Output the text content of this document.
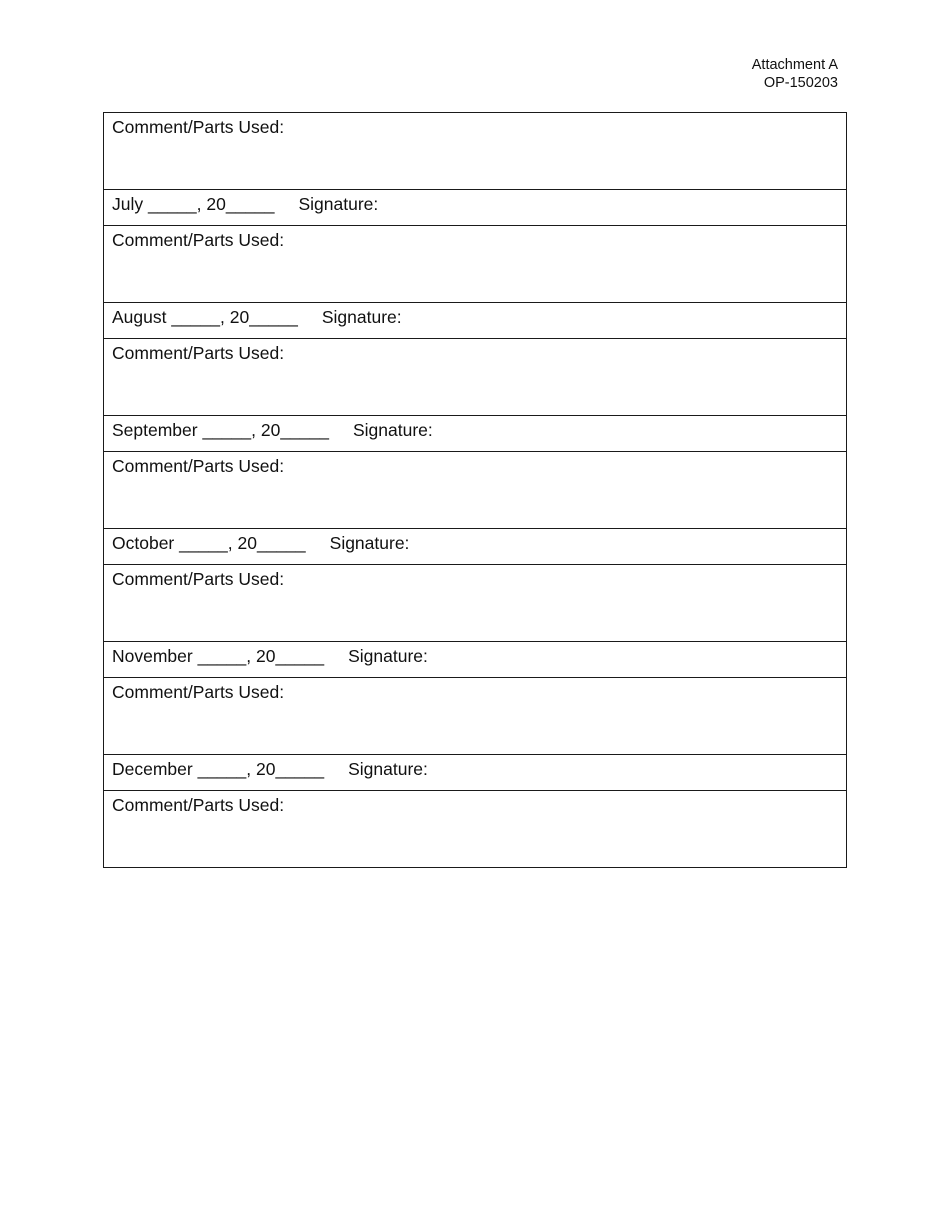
Attachment A
OP-150203
Comment/Parts Used:
July _____, 20_____ Signature:
Comment/Parts Used:
August _____, 20_____ Signature:
Comment/Parts Used:
September _____, 20_____ Signature:
Comment/Parts Used:
October _____, 20_____ Signature:
Comment/Parts Used:
November _____, 20_____ Signature:
Comment/Parts Used:
December _____, 20_____ Signature:
Comment/Parts Used:
